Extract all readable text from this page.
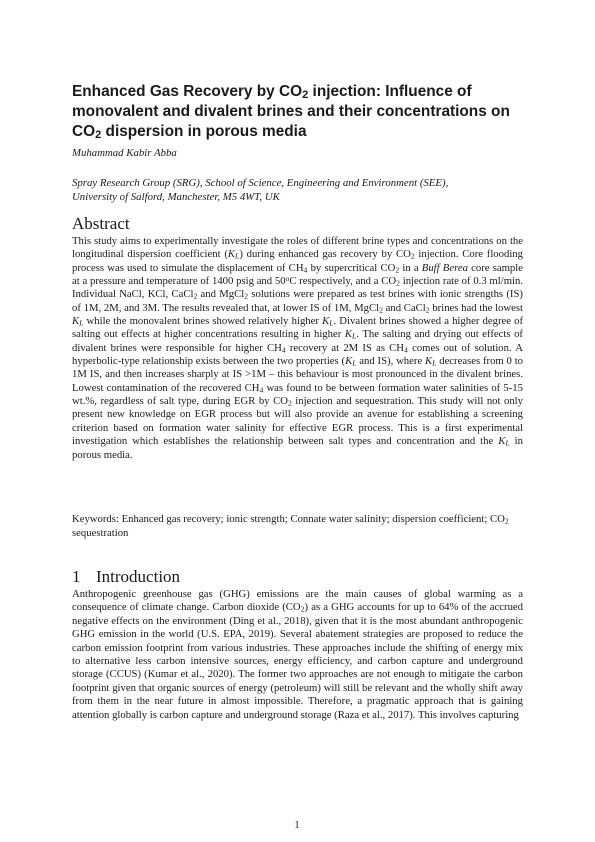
Enhanced Gas Recovery by $CO_2$ injection: Influence of monovalent and divalent brines and their concentrations on $CO_2$ dispersion in porous media
Muhammad Kabir Abba
Spray Research Group (SRG), School of Science, Engineering and Environment (SEE),
University of Salford, Manchester, M5 4WT, UK
Abstract

This study aims to experimentally investigate the roles of different brine types and concentrations on the longitudinal dispersion coefficient $(K_L)$ during enhanced gas recovery by $CO_2$ injection. Core flooding process was used to simulate the displacement of $CH_4$ by supercritical $CO_2$ in a Buff Berea core sample at a pressure and temperature of 1400 psig and 50$^o$C respectively, and a $CO_2$ injection rate of 0.3 ml/min. Individual NaCl, KCl, CaCl$_2$ and MgCl$_2$ solutions were prepared as test brines with ionic strengths (IS) of 1M, 2M, and 3M. The results revealed that, at lower IS of 1M, MgCl$_2$ and CaCl$_2$ brines had the lowest $K_L$ while the monovalent brines showed relatively higher $K_L$. Divalent brines showed a higher degree of salting out effects at higher concentrations resulting in higher $K_L$. The salting and drying out effects of divalent brines were responsible for higher $CH_4$ recovery at 2M IS as $CH_4$ comes out of solution. A hyperbolic-type relationship exists between the two properties ($K_L$ and IS), where $K_L$ decreases from 0 to 1M IS, and then increases sharply at IS >1M – this behaviour is most pronounced in the divalent brines. Lowest contamination of the recovered $CH_4$ was found to be between formation water salinities of 5-15 wt.%, regardless of salt type, during EGR by $CO_2$ injection and sequestration. This study will not only present new knowledge on EGR process but will also provide an avenue for establishing a screening criterion based on formation water salinity for effective EGR process. This is a first experimental investigation which establishes the relationship between salt types and concentration and the $K_L$ in porous media.

Keywords: Enhanced gas recovery; ionic strength; Connate water salinity; dispersion coefficient; $CO_2$ sequestration

1 Introduction

Anthropogenic greenhouse gas (GHG) emissions are the main causes of global warming as a consequence of climate change. Carbon dioxide $(CO_2)$ as a GHG accounts for up to 64% of the accrued negative effects on the environment (Ding et al., 2018), given that it is the most abundant anthropogenic GHG emission in the world (U.S. EPA, 2019). Several abatement strategies are proposed to reduce the carbon emission footprint from various industries. These approaches include the shifting of energy mix to alternative less carbon intensive sources, energy efficiency, and carbon capture and underground storage (CCUS) (Kumar et al., 2020). The former two approaches are not enough to mitigate the carbon footprint given that organic sources of energy (petroleum) will still be relevant and the wholly shift away from them in the near future in almost impossible. Therefore, a pragmatic approach that is gaining attention globally is carbon capture and underground storage (Raza et al., 2017). This involves capturing

1
